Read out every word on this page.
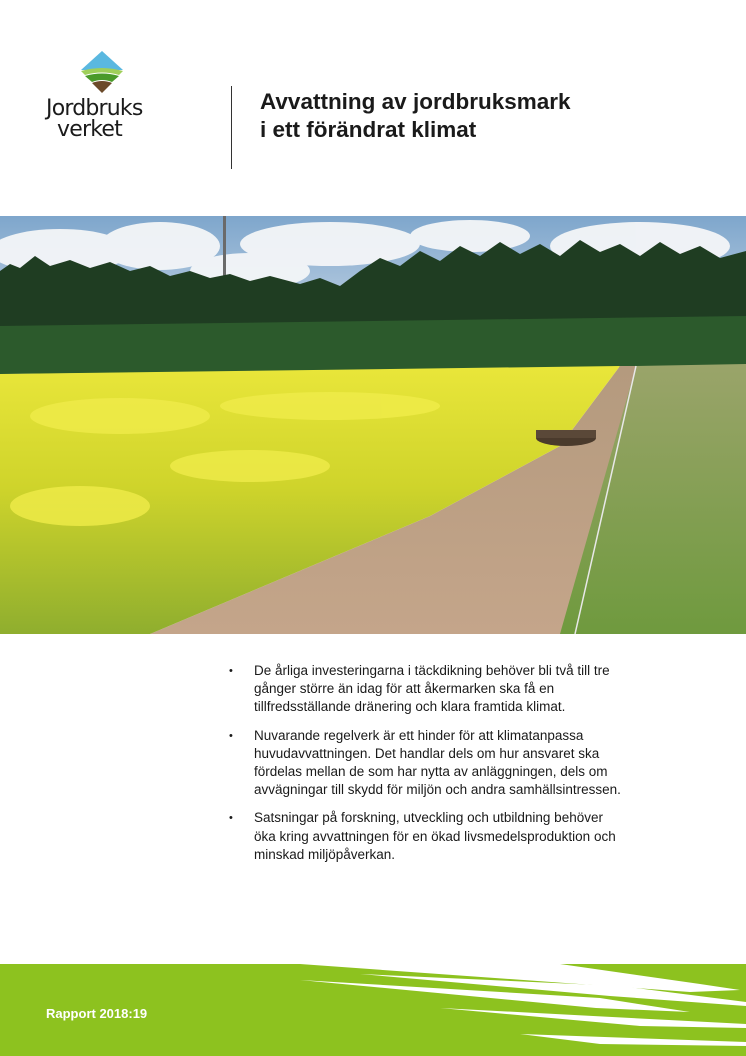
Jordbruks
verket
Avvattning av jordbruksmark
i ett förändrat klimat
• De årliga investeringarna i täckdikning behöver bli två till tre gånger större än idag för att åkermarken ska få en tillfredsställande dränering och klara framtida klimat.
• Nuvarande regelverk är ett hinder för att klimatanpassa huvudavvattningen. Det handlar dels om hur ansvaret ska fördelas mellan de som har nytta av anläggningen, dels om avvägningar till skydd för miljön och andra samhällsintressen.
• Satsningar på forskning, utveckling och utbildning behöver öka kring avvattningen för en ökad livsmedelsproduktion och minskad miljöpåverkan.
Rapport 2018:19
